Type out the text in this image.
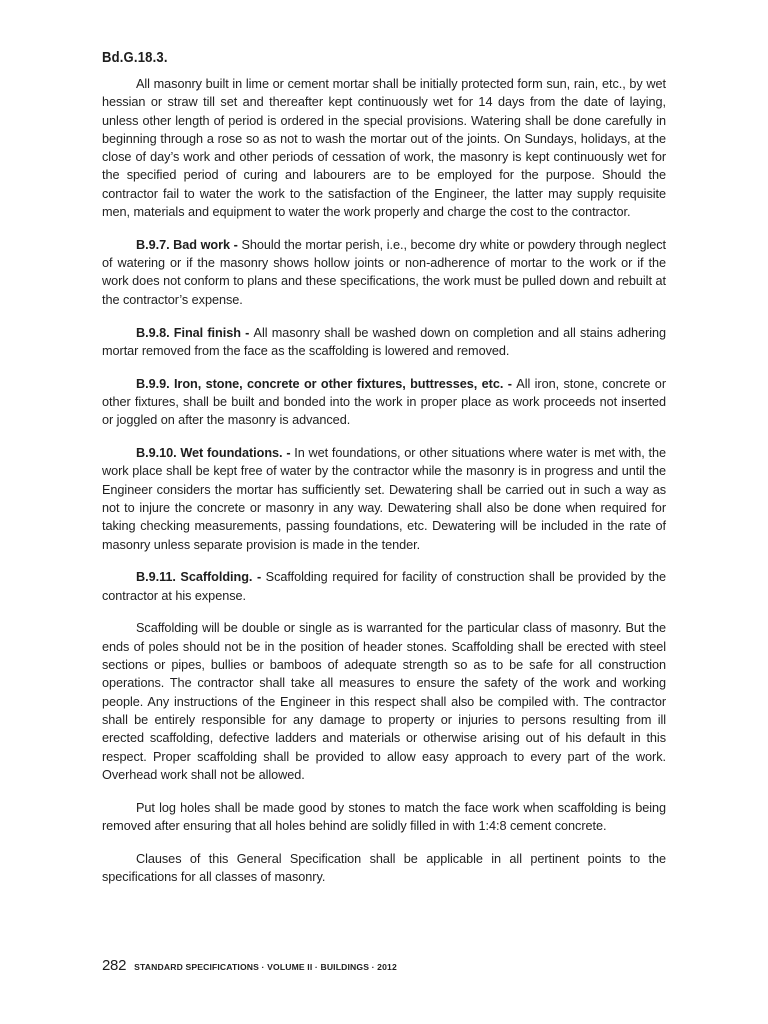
Bd.G.18.3.

All masonry built in lime or cement mortar shall be initially protected form sun, rain, etc., by wet hessian or straw till set and thereafter kept continuously wet for 14 days from the date of laying, unless other length of period is ordered in the special provisions. Watering shall be done carefully in beginning through a rose so as not to wash the mortar out of the joints. On Sundays, holidays, at the close of day’s work and other periods of cessation of work, the masonry is kept continuously wet for the specified period of curing and labourers are to be employed for the purpose. Should the contractor fail to water the work to the satisfaction of the Engineer, the latter may supply requisite men, materials and equipment to water the work properly and charge the cost to the contractor.

B.9.7. Bad work - Should the mortar perish, i.e., become dry white or powdery through neglect of watering or if the masonry shows hollow joints or non-adherence of mortar to the work or if the work does not conform to plans and these specifications, the work must be pulled down and rebuilt at the contractor’s expense.

B.9.8. Final finish - All masonry shall be washed down on completion and all stains adhering mortar removed from the face as the scaffolding is lowered and removed.

B.9.9. Iron, stone, concrete or other fixtures, buttresses, etc. - All iron, stone, concrete or other fixtures, shall be built and bonded into the work in proper place as work proceeds not inserted or joggled on after the masonry is advanced.

B.9.10. Wet foundations. - In wet foundations, or other situations where water is met with, the work place shall be kept free of water by the contractor while the masonry is in progress and until the Engineer considers the mortar has sufficiently set. Dewatering shall be carried out in such a way as not to injure the concrete or masonry in any way. Dewatering shall also be done when required for taking checking measurements, passing foundations, etc. Dewatering will be included in the rate of masonry unless separate provision is made in the tender.

B.9.11. Scaffolding. - Scaffolding required for facility of construction shall be provided by the contractor at his expense.

Scaffolding will be double or single as is warranted for the particular class of masonry. But the ends of poles should not be in the position of header stones. Scaffolding shall be erected with steel sections or pipes, bullies or bamboos of adequate strength so as to be safe for all construction operations. The contractor shall take all measures to ensure the safety of the work and working people. Any instructions of the Engineer in this respect shall also be compiled with. The contractor shall be entirely responsible for any damage to property or injuries to persons resulting from ill erected scaffolding, defective ladders and materials or otherwise arising out of his default in this respect. Proper scaffolding shall be provided to allow easy approach to every part of the work. Overhead work shall not be allowed.

Put log holes shall be made good by stones to match the face work when scaffolding is being removed after ensuring that all holes behind are solidly filled in with 1:4:8 cement concrete.

Clauses of this General Specification shall be applicable in all pertinent points to the specifications for all classes of masonry.

282 STANDARD SPECIFICATIONS · VOLUME II · BUILDINGS · 2012
